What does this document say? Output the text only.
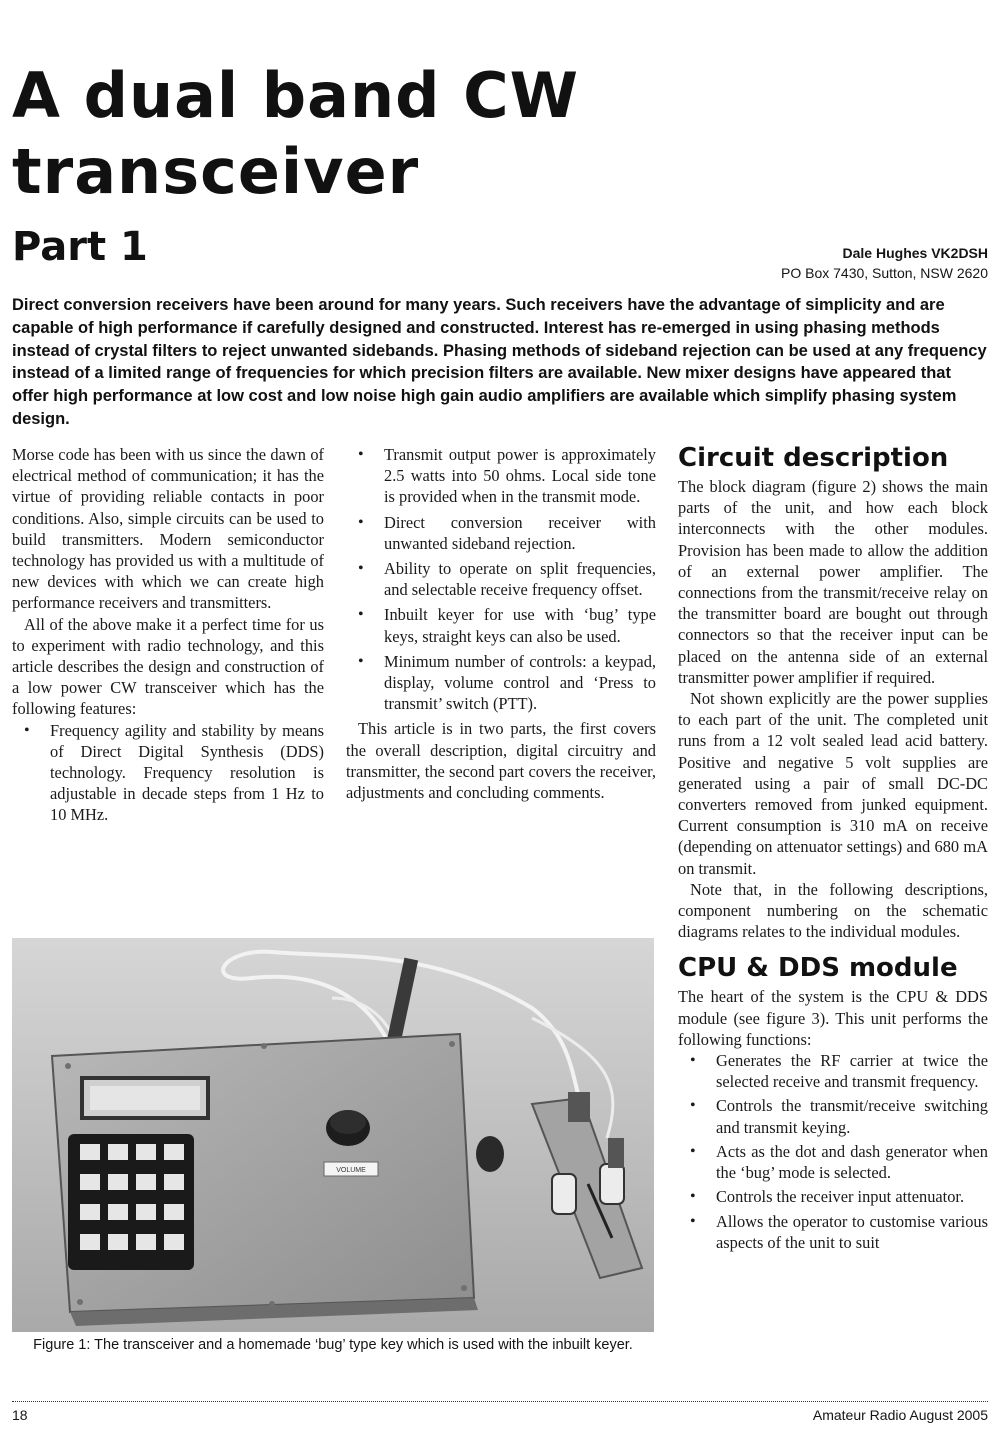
A dual band CW transceiver
Part 1	Dale Hughes VK2DSH
PO Box 7430, Sutton, NSW 2620
Direct conversion receivers have been around for many years. Such receivers have the advantage of simplicity and are capable of high performance if carefully designed and constructed. Interest has re-emerged in using phasing methods instead of crystal filters to reject unwanted sidebands. Phasing methods of sideband rejection can be used at any frequency instead of a limited range of frequencies for which precision filters are available. New mixer designs have appeared that offer high performance at low cost and low noise high gain audio amplifiers are available which simplify phasing system design.

Morse code has been with us since the dawn of electrical method of communication; it has the virtue of providing reliable contacts in poor conditions. Also, simple circuits can be used to build transmitters. Modern semiconductor technology has provided us with a multitude of new devices with which we can create high performance receivers and transmitters.

All of the above make it a perfect time for us to experiment with radio technology, and this article describes the design and construction of a low power CW transceiver which has the following features:

• Frequency agility and stability by means of Direct Digital Synthesis (DDS) technology. Frequency resolution is adjustable in decade steps from 1 Hz to 10 MHz.
• Transmit output power is approximately 2.5 watts into 50 ohms. Local side tone is provided when in the transmit mode.
• Direct conversion receiver with unwanted sideband rejection.
• Ability to operate on split frequencies, and selectable receive frequency offset.
• Inbuilt keyer for use with ‘bug’ type keys, straight keys can also be used.
• Minimum number of controls: a keypad, display, volume control and ‘Press to transmit’ switch (PTT).

This article is in two parts, the first covers the overall description, digital circuitry and transmitter, the second part covers the receiver, adjustments and concluding comments.

Circuit description

The block diagram (figure 2) shows the main parts of the unit, and how each block interconnects with the other modules. Provision has been made to allow the addition of an external power amplifier. The connections from the transmit/receive relay on the transmitter board are bought out through connectors so that the receiver input can be placed on the antenna side of an external transmitter power amplifier if required.

Not shown explicitly are the power supplies to each part of the unit. The completed unit runs from a 12 volt sealed lead acid battery. Positive and negative 5 volt supplies are generated using a pair of small DC-DC converters removed from junked equipment. Current consumption is 310 mA on receive (depending on attenuator settings) and 680 mA on transmit.

Note that, in the following descriptions, component numbering on the schematic diagrams relates to the individual modules.

CPU & DDS module

The heart of the system is the CPU & DDS module (see figure 3). This unit performs the following functions:

• Generates the RF carrier at twice the selected receive and transmit frequency.
• Controls the transmit/receive switching and transmit keying.
• Acts as the dot and dash generator when the ‘bug’ mode is selected.
• Controls the receiver input attenuator.
• Allows the operator to customise various aspects of the unit to suit
VOLUME
Figure 1: The transceiver and a homemade ‘bug’ type key which is used with the inbuilt keyer.
18	Amateur Radio August 2005
